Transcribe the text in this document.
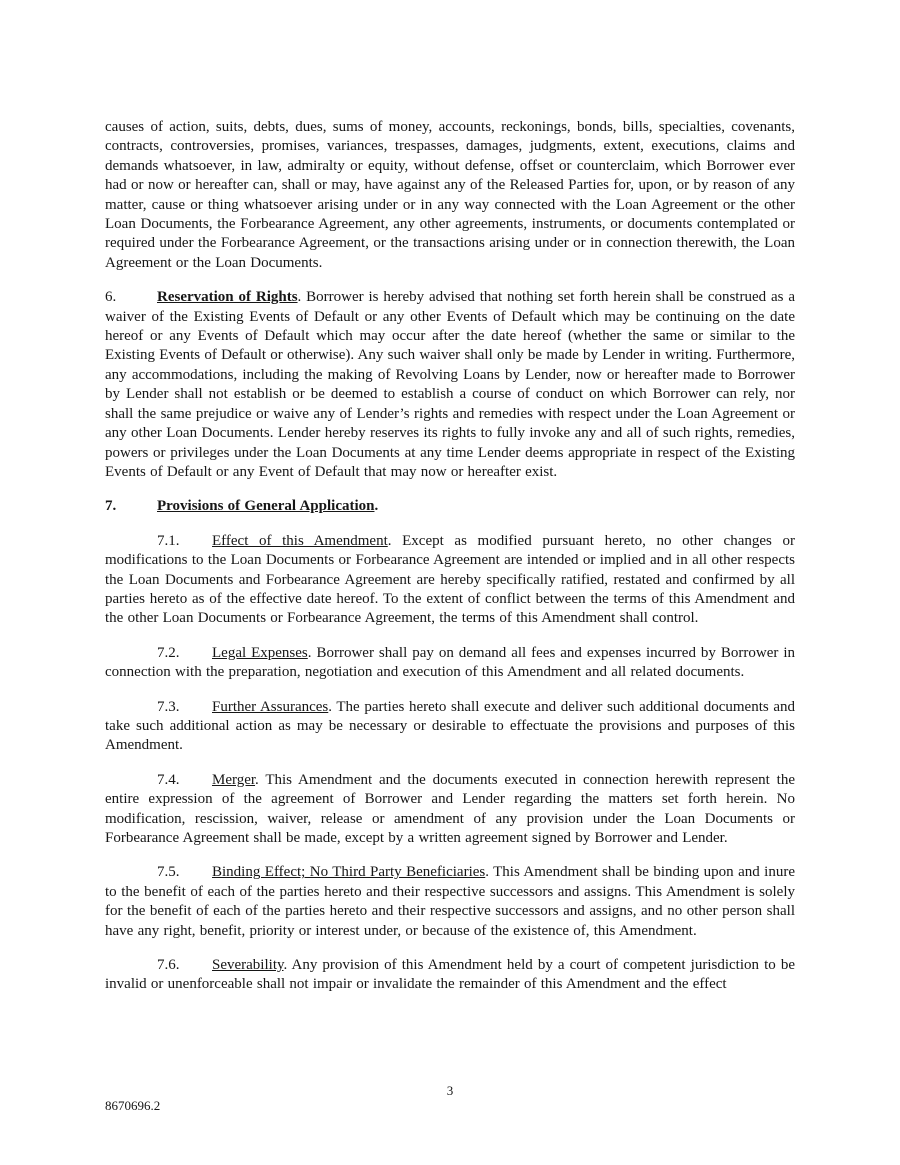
causes of action, suits, debts, dues, sums of money, accounts, reckonings, bonds, bills, specialties, covenants, contracts, controversies, promises, variances, trespasses, damages, judgments, extent, executions, claims and demands whatsoever, in law, admiralty or equity, without defense, offset or counterclaim, which Borrower ever had or now or hereafter can, shall or may, have against any of the Released Parties for, upon, or by reason of any matter, cause or thing whatsoever arising under or in any way connected with the Loan Agreement or the other Loan Documents, the Forbearance Agreement, any other agreements, instruments, or documents contemplated or required under the Forbearance Agreement, or the transactions arising under or in connection therewith, the Loan Agreement or the Loan Documents.

6.	Reservation of Rights. Borrower is hereby advised that nothing set forth herein shall be construed as a waiver of the Existing Events of Default or any other Events of Default which may be continuing on the date hereof or any Events of Default which may occur after the date hereof (whether the same or similar to the Existing Events of Default or otherwise). Any such waiver shall only be made by Lender in writing. Furthermore, any accommodations, including the making of Revolving Loans by Lender, now or hereafter made to Borrower by Lender shall not establish or be deemed to establish a course of conduct on which Borrower can rely, nor shall the same prejudice or waive any of Lender’s rights and remedies with respect under the Loan Agreement or any other Loan Documents. Lender hereby reserves its rights to fully invoke any and all of such rights, remedies, powers or privileges under the Loan Documents at any time Lender deems appropriate in respect of the Existing Events of Default or any Event of Default that may now or hereafter exist.

7.	Provisions of General Application.

7.1. Effect of this Amendment. Except as modified pursuant hereto, no other changes or modifications to the Loan Documents or Forbearance Agreement are intended or implied and in all other respects the Loan Documents and Forbearance Agreement are hereby specifically ratified, restated and confirmed by all parties hereto as of the effective date hereof. To the extent of conflict between the terms of this Amendment and the other Loan Documents or Forbearance Agreement, the terms of this Amendment shall control.

7.2. Legal Expenses. Borrower shall pay on demand all fees and expenses incurred by Borrower in connection with the preparation, negotiation and execution of this Amendment and all related documents.

7.3. Further Assurances. The parties hereto shall execute and deliver such additional documents and take such additional action as may be necessary or desirable to effectuate the provisions and purposes of this Amendment.

7.4. Merger. This Amendment and the documents executed in connection herewith represent the entire expression of the agreement of Borrower and Lender regarding the matters set forth herein. No modification, rescission, waiver, release or amendment of any provision under the Loan Documents or Forbearance Agreement shall be made, except by a written agreement signed by Borrower and Lender.

7.5. Binding Effect; No Third Party Beneficiaries. This Amendment shall be binding upon and inure to the benefit of each of the parties hereto and their respective successors and assigns. This Amendment is solely for the benefit of each of the parties hereto and their respective successors and assigns, and no other person shall have any right, benefit, priority or interest under, or because of the existence of, this Amendment.

7.6. Severability. Any provision of this Amendment held by a court of competent jurisdiction to be invalid or unenforceable shall not impair or invalidate the remainder of this Amendment and the effect

3
8670696.2
